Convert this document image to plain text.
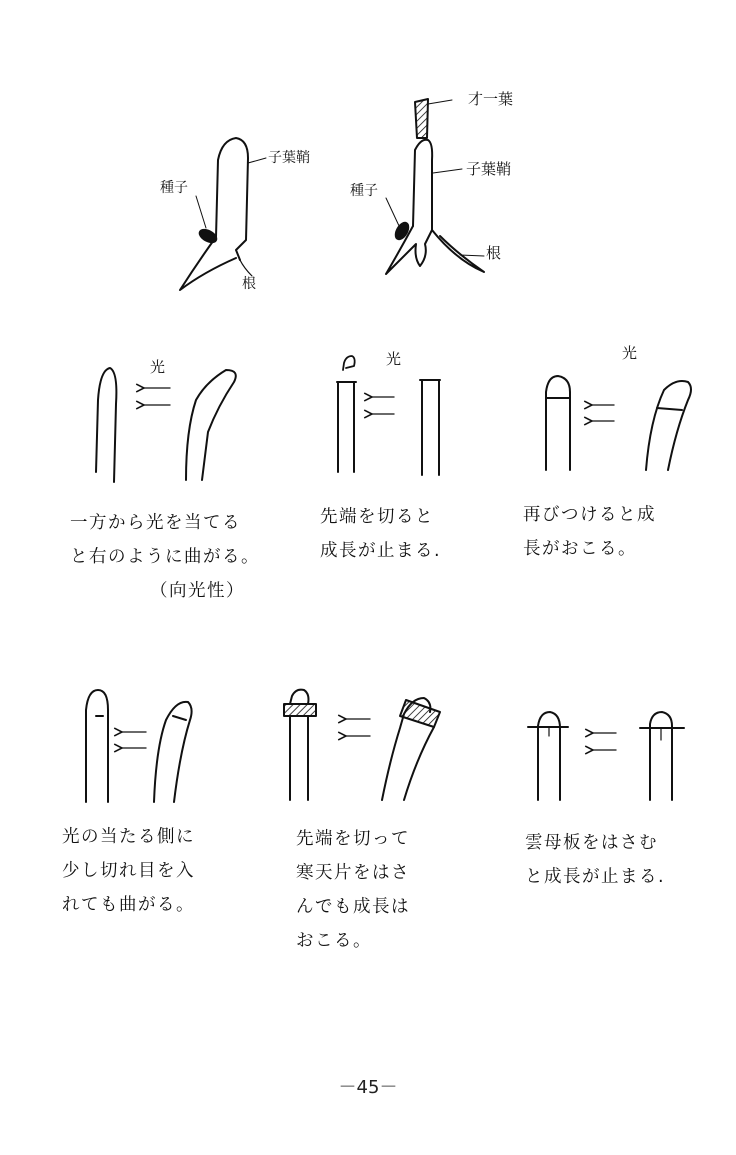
子葉鞘
種子
根
才一葉
子葉鞘
種子
根
光	光	光
一方から光を当てる
と右のように曲がる。
（向光性）
先端を切ると
成長が止まる.
再びつけると成
長がおこる。
光の当たる側に
少し切れ目を入
れても曲がる。
先端を切って
寒天片をはさ
んでも成長は
おこる。
雲母板をはさむ
と成長が止まる.
－45－
